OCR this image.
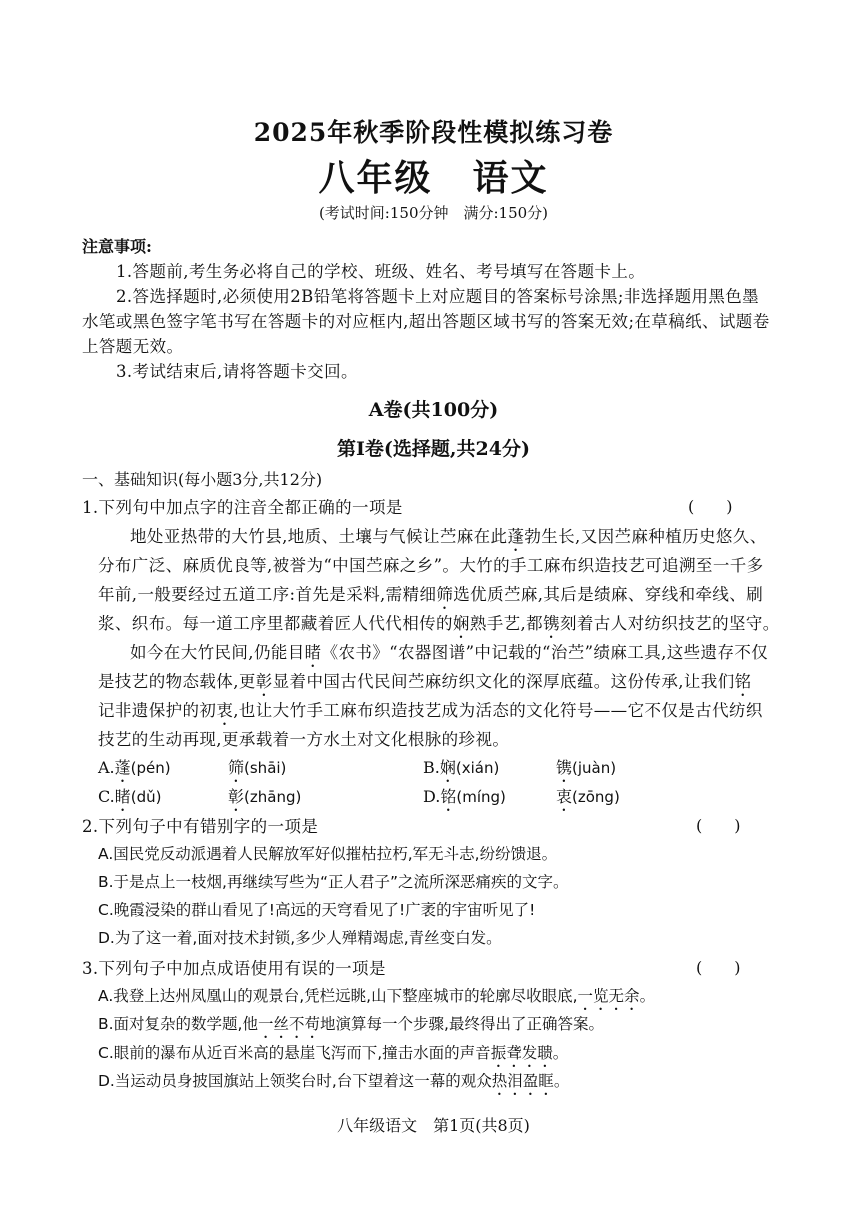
2025年秋季阶段性模拟练习卷
八年级 语文
(考试时间:150分钟　满分:150分)
注意事项:
1.答题前,考生务必将自己的学校、班级、姓名、考号填写在答题卡上。
2.答选择题时,必须使用2B铅笔将答题卡上对应题目的答案标号涂黑;非选择题用黑色墨
水笔或黑色签字笔书写在答题卡的对应框内,超出答题区域书写的答案无效;在草稿纸、试题卷
上答题无效。
3.考试结束后,请将答题卡交回。
A卷(共100分)
第Ⅰ卷(选择题,共24分)
一、基础知识(每小题3分,共12分)
1.下列句中加点字的注音全都正确的一项是	(　　)
地处亚热带的大竹县,地质、土壤与气候让苎麻在此蓬勃生长,又因苎麻种植历史悠久、
分布广泛、麻质优良等,被誉为“中国苎麻之乡”。大竹的手工麻布织造技艺可追溯至一千多
年前,一般要经过五道工序:首先是采料,需精细筛选优质苎麻,其后是绩麻、穿线和牵线、刷
浆、织布。每一道工序里都藏着匠人代代相传的娴熟手艺,都镌刻着古人对纺织技艺的坚守。
如今在大竹民间,仍能目睹《农书》“农器图谱”中记载的“治苎”绩麻工具,这些遗存不仅
是技艺的物态载体,更彰显着中国古代民间苎麻纺织文化的深厚底蕴。这份传承,让我们铭
记非遗保护的初衷,也让大竹手工麻布织造技艺成为活态的文化符号——它不仅是古代纺织
技艺的生动再现,更承载着一方水土对文化根脉的珍视。
A.蓬(pén)	筛(shāi)	B.娴(xián)	镌(juàn)
C.睹(dǔ)	彰(zhāng)	D.铭(míng)	衷(zōng)
2.下列句子中有错别字的一项是	(　　)
A.国民党反动派遇着人民解放军好似摧枯拉朽,军无斗志,纷纷馈退。
B.于是点上一枝烟,再继续写些为“正人君子”之流所深恶痛疾的文字。
C.晚霞浸染的群山看见了!高远的天穹看见了!广袤的宇宙听见了!
D.为了这一着,面对技术封锁,多少人殚精竭虑,青丝变白发。
3.下列句子中加点成语使用有误的一项是	(　　)
A.我登上达州凤凰山的观景台,凭栏远眺,山下整座城市的轮廓尽收眼底,一览无余。
B.面对复杂的数学题,他一丝不苟地演算每一个步骤,最终得出了正确答案。
C.眼前的瀑布从近百米高的悬崖飞泻而下,撞击水面的声音振聋发聩。
D.当运动员身披国旗站上领奖台时,台下望着这一幕的观众热泪盈眶。
八年级语文　第1页(共8页)
